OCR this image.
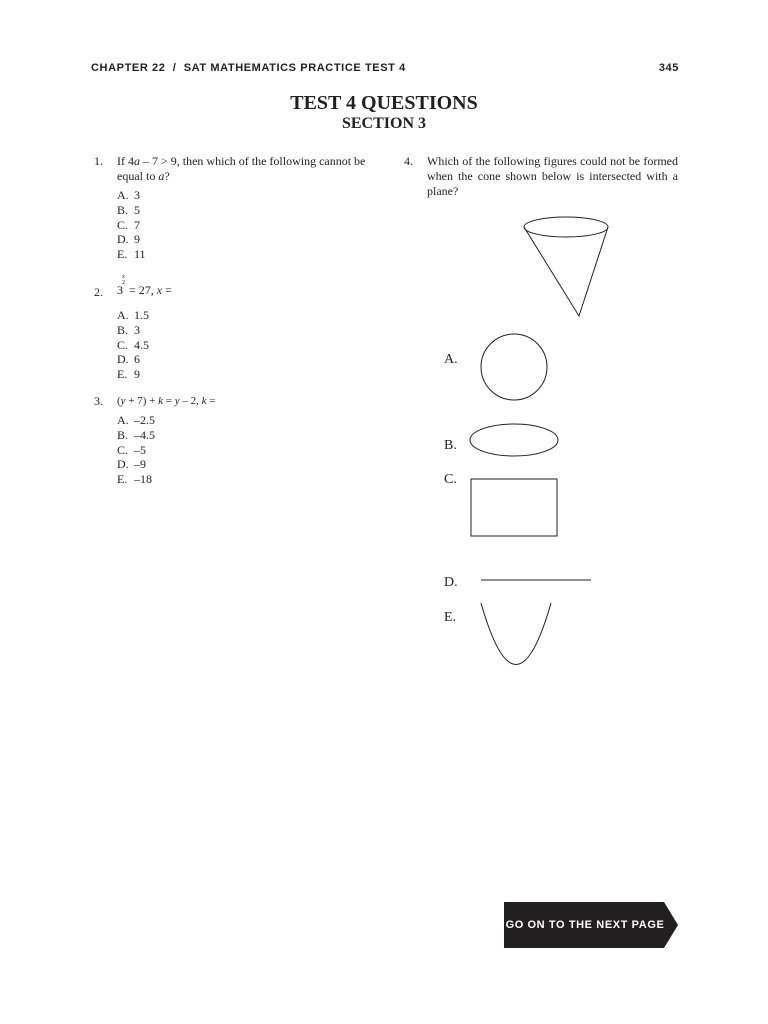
CHAPTER 22  /  SAT MATHEMATICS PRACTICE TEST 4	345
TEST 4 QUESTIONS
SECTION 3
1. If 4a – 7 > 9, then which of the following cannot be
equal to a?
A. 3
B. 5
C. 7
D. 9
E. 11
2. 3
x
2 = 27, x =
A. 1.5
B. 3
C. 4.5
D. 6
E. 9
3. (y + 7) + k = y – 2, k =
A. –2.5
B. –4.5
C. –5
D. –9
E. –18
4. Which of the following figures could not be formed when the cone shown below is intersected with a plane?
A.
B.
C.
D.
E.
GO ON TO THE NEXT PAGE
